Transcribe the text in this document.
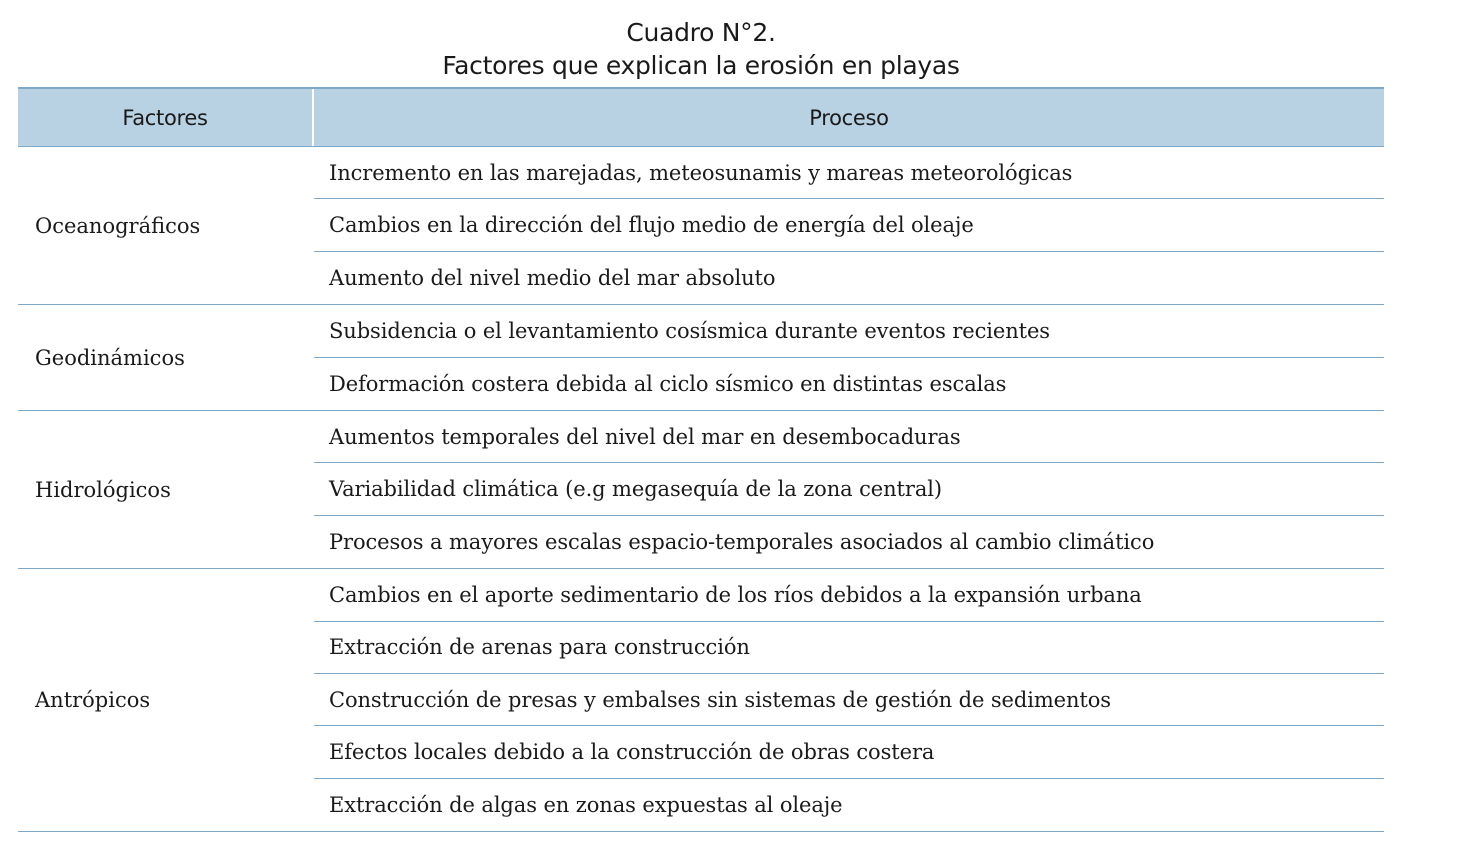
Cuadro N°2.
Factores que explican la erosión en playas
Factores	Proceso
Oceanográficos
Incremento en las marejadas, meteosunamis y mareas meteorológicas
Cambios en la dirección del flujo medio de energía del oleaje
Aumento del nivel medio del mar absoluto
Geodinámicos
Subsidencia o el levantamiento cosísmica durante eventos recientes
Deformación costera debida al ciclo sísmico en distintas escalas
Hidrológicos
Aumentos temporales del nivel del mar en desembocaduras
Variabilidad climática (e.g megasequía de la zona central)
Procesos a mayores escalas espacio-temporales asociados al cambio climático
Antrópicos
Cambios en el aporte sedimentario de los ríos debidos a la expansión urbana
Extracción de arenas para construcción
Construcción de presas y embalses sin sistemas de gestión de sedimentos
Efectos locales debido a la construcción de obras costera
Extracción de algas en zonas expuestas al oleaje
